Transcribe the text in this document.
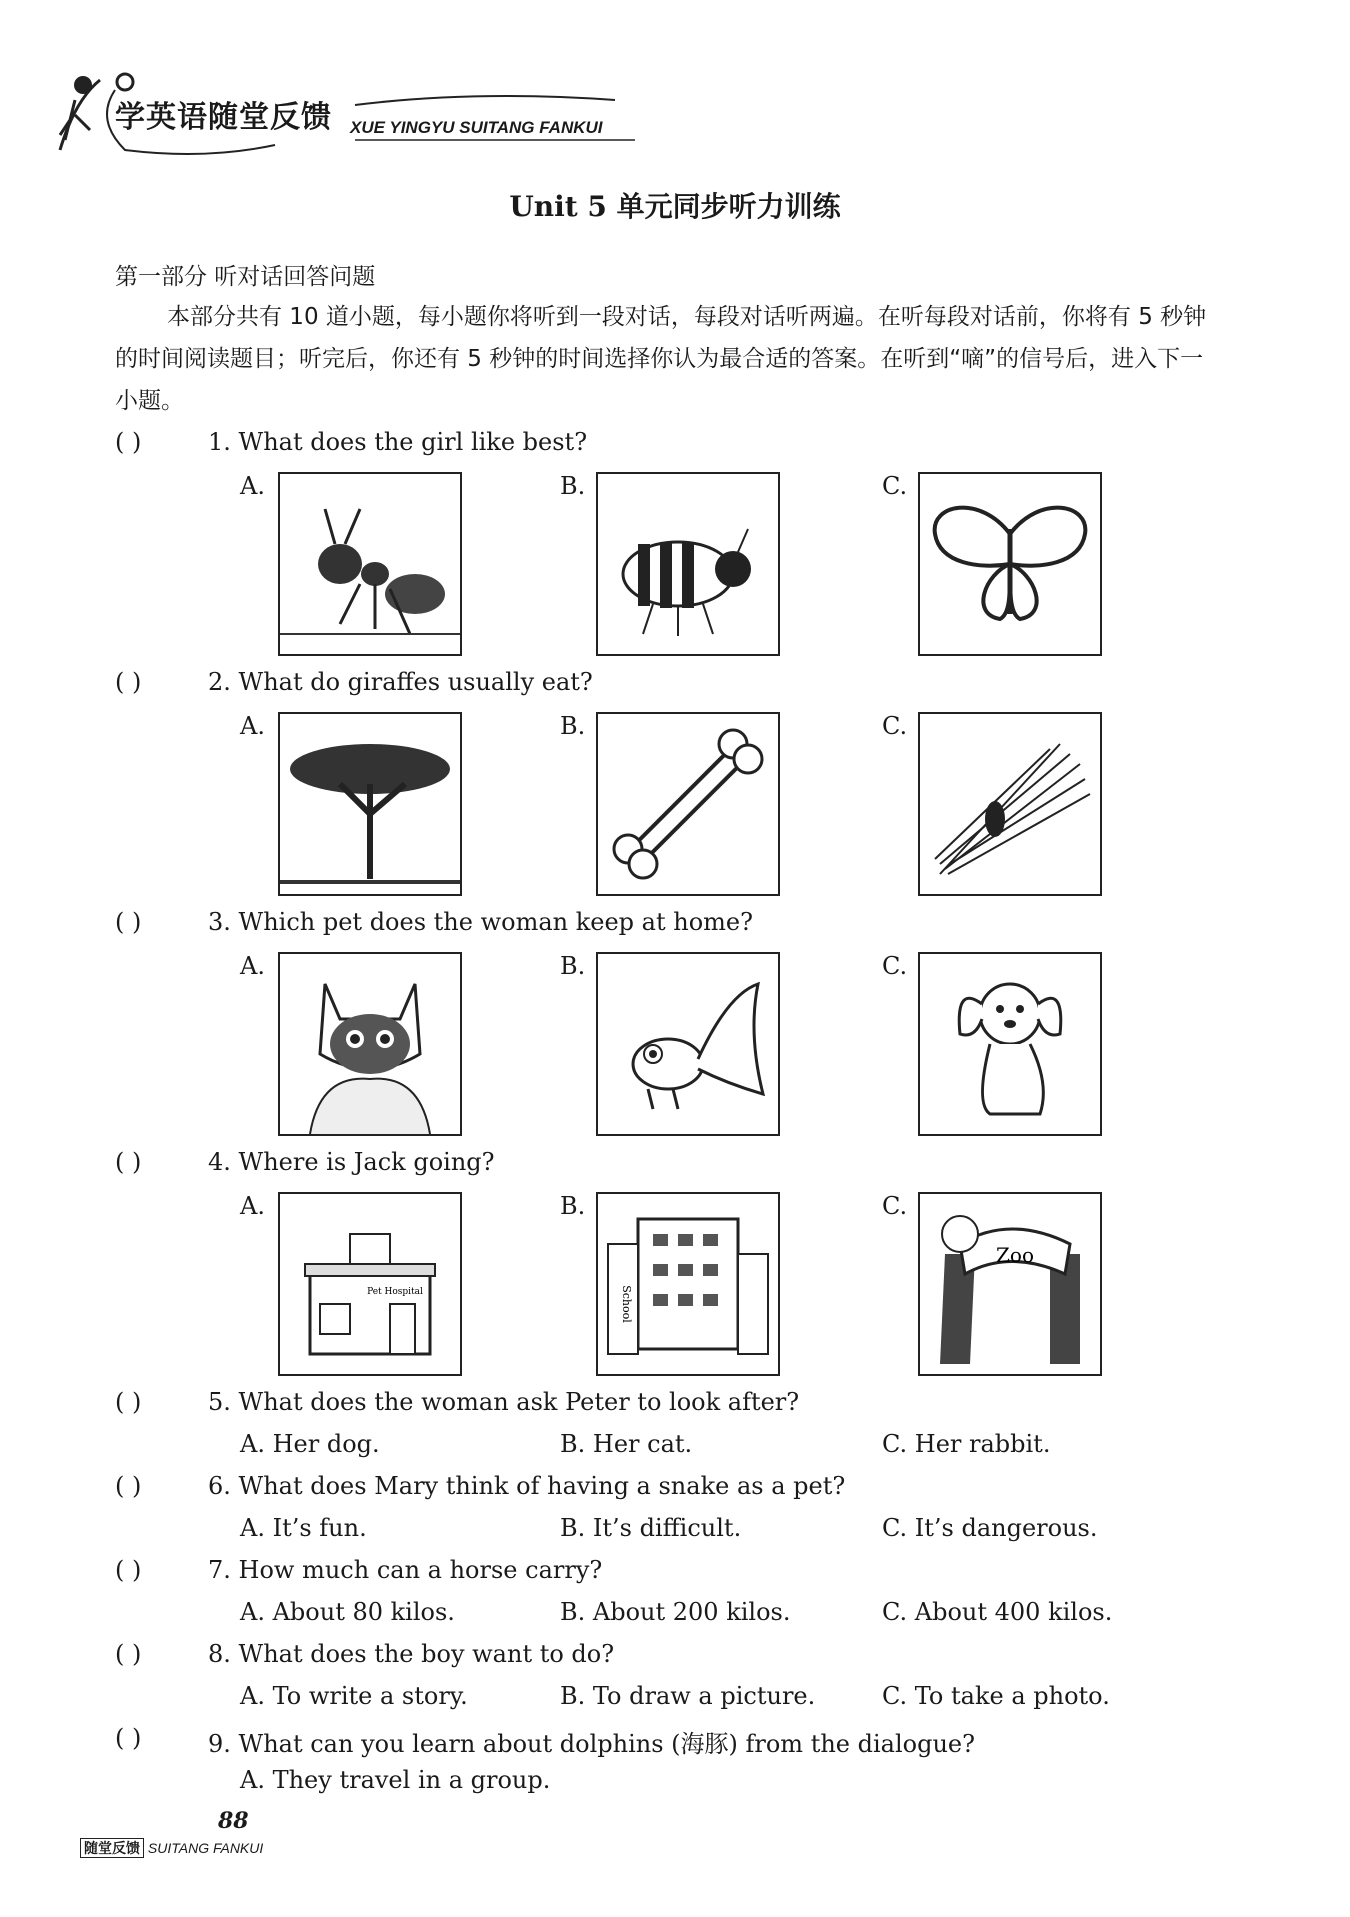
学英语随堂反馈 XUE YINGYU SUITANG FANKUI
Unit 5 单元同步听力训练
第一部分 听对话回答问题
本部分共有 10 道小题，每小题你将听到一段对话，每段对话听两遍。在听每段对话前，你将有 5 秒钟的时间阅读题目；听完后，你还有 5 秒钟的时间选择你认为最合适的答案。在听到“嘀”的信号后，进入下一小题。
( )	1. What does the girl like best?
A.	B.	C.
( )	2. What do giraffes usually eat?
A.	B.	C.
( )	3. Which pet does the woman keep at home?
A.	B.	C.
( )	4. Where is Jack going?
A.	B.	C.
Pet Hospital	School
Zoo
( )	5. What does the woman ask Peter to look after?
A. Her dog.	B. Her cat.	C. Her rabbit.
( )	6. What does Mary think of having a snake as a pet?
A. It’s fun.	B. It’s difficult.	C. It’s dangerous.
( )	7. How much can a horse carry?
A. About 80 kilos.	B. About 200 kilos.	C. About 400 kilos.
( )	8. What does the boy want to do?
A. To write a story.	B. To draw a picture.	C. To take a photo.
( )	9. What can you learn about dolphins (海豚) from the dialogue?
A. They travel in a group.
88
随堂反馈 SUITANG FANKUI
